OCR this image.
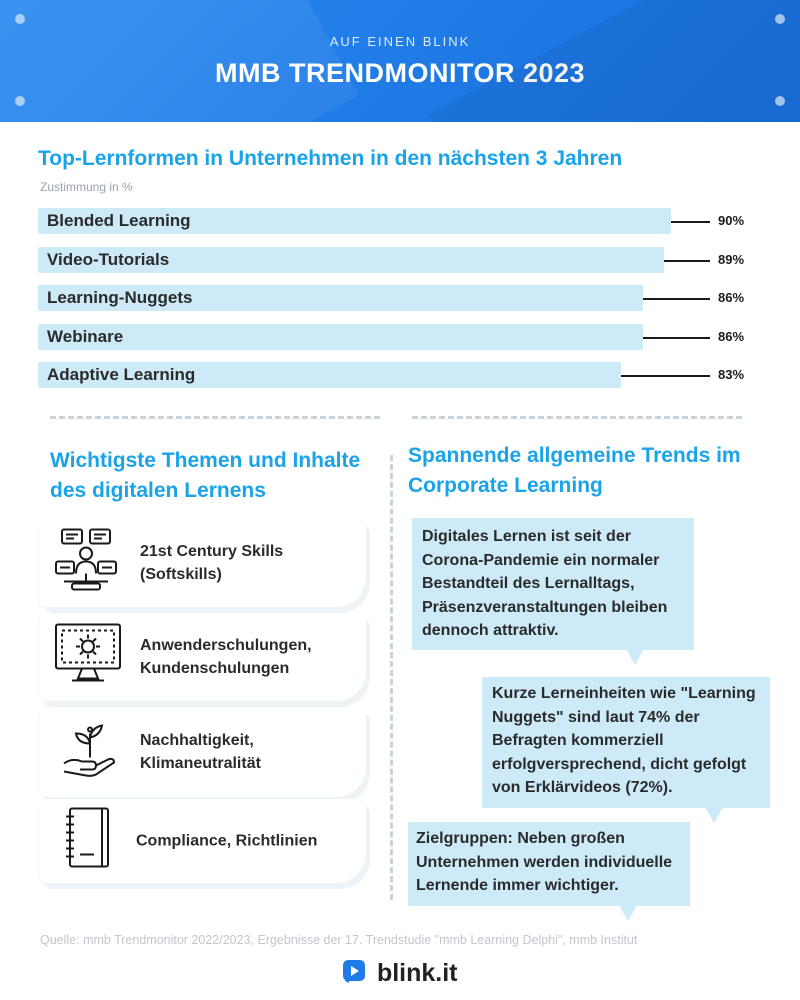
AUF EINEN BLINK
MMB TRENDMONITOR 2023
Top-Lernformen in Unternehmen in den nächsten 3 Jahren
Zustimmung in %
Blended Learning	90%
Video-Tutorials	89%
Learning-Nuggets	86%
Webinare	86%
Adaptive Learning	83%
Wichtigste Themen und Inhalte des digitalen Lernens
21st Century Skills (Softskills)
Anwenderschulungen, Kundenschulungen
Nachhaltigkeit, Klimaneutralität
Compliance, Richtlinien
Spannende allgemeine Trends im Corporate Learning
Digitales Lernen ist seit der Corona-Pandemie ein normaler Bestandteil des Lernalltags, Präsenzveranstaltungen bleiben dennoch attraktiv.
Kurze Lerneinheiten wie "Learning Nuggets" sind laut 74% der Befragten kommerziell erfolgversprechend, dicht gefolgt von Erklärvideos (72%).
Zielgruppen: Neben großen Unternehmen werden individuelle Lernende immer wichtiger.
Quelle: mmb Trendmonitor 2022/2023, Ergebnisse der 17. Trendstudie "mmb Learning Delphi", mmb Institut
blink.it
